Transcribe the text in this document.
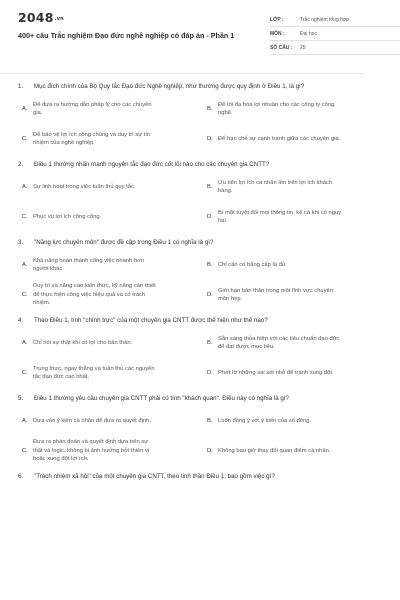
2048.vn
400+ câu Trắc nghiệm Đạo đức nghề nghiệp có đáp án - Phần 1
LỚP :	Trắc nghiệm tổng hợp
MÔN :	Đại học
SỐ CÂU :	25
1.	Mục đích chính của Bộ Quy tắc Đạo đức Nghề nghiệp, như thường được quy định ở Điều 1, là gì?
A.
Để đưa ra hướng dẫn pháp lý cho các chuyên gia.
B.
Để tối đa hóa lợi nhuận cho các công ty công nghệ.
C.
Để bảo vệ lợi ích công chúng và duy trì sự tín nhiệm của nghề nghiệp.
D. Để hạn chế sự cạnh tranh giữa các chuyên gia.
2.	Điều 1 thường nhấn mạnh nguyên tắc đạo đức cốt lõi nào cho các chuyên gia CNTT?
A. Sự linh hoạt trong việc tuân thủ quy tắc.	B.
Ưu tiên lợi ích cá nhân lên trên lợi ích khách hàng.
C. Phục vụ lợi ích công cộng.	D.
Bí mật tuyệt đối mọi thông tin, kể cả khi có nguy hại.
3.	"Năng lực chuyên môn" được đề cập trong Điều 1 có nghĩa là gì?
A.
Khả năng hoàn thành công việc nhanh hơn người khác.
B. Chỉ cần có bằng cấp là đủ.
C.
Duy trì và nâng cao kiến thức, kỹ năng cần thiết để thực hiện công việc hiệu quả và có trách nhiệm.
D.
Giới hạn bản thân trong một lĩnh vực chuyên môn hẹp.
4.	Theo Điều 1, tính "chính trực" của một chuyên gia CNTT được thể hiện như thế nào?
A. Chỉ nói sự thật khi có lợi cho bản thân.	B.
Sẵn sàng thỏa hiệp với các tiêu chuẩn đạo đức để đạt được mục tiêu.
C.
Trung thực, ngay thẳng và tuân thủ các nguyên tắc đạo đức cao nhất.
D. Phớt lờ những sai sót nhỏ để tránh xung đột.
5.	Điều 1 thường yêu cầu chuyên gia CNTT phải có tính "khách quan". Điều này có nghĩa là gì?
A. Dựa vào ý kiến cá nhân để đưa ra quyết định.	B. Luôn đồng ý với ý kiến của số đông.
C.
Đưa ra phán đoán và quyết định dựa trên sự thật và logic, không bị ảnh hưởng bởi thiên vị hoặc xung đột lợi ích.
D. Không bao giờ thay đổi quan điểm cá nhân.
6.	"Trách nhiệm xã hội" của một chuyên gia CNTT, theo tinh thần Điều 1, bao gồm việc gì?
